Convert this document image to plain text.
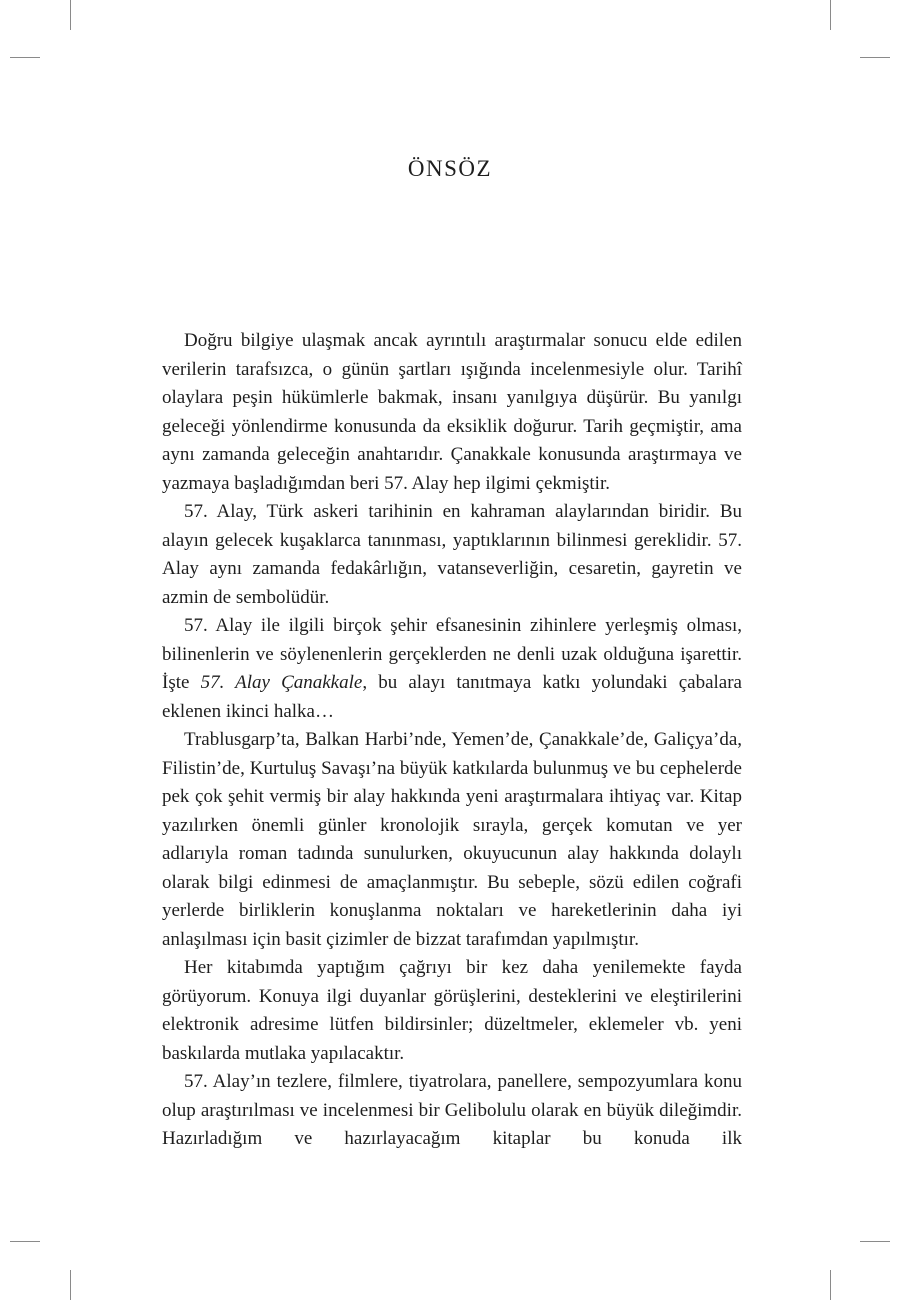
ÖNSÖZ

Doğru bilgiye ulaşmak ancak ayrıntılı araştırmalar sonucu elde edilen verilerin tarafsızca, o günün şartları ışığında incelenmesiyle olur. Tarihî olaylara peşin hükümlerle bakmak, insanı yanılgıya düşürür. Bu yanılgı geleceği yönlendirme konusunda da eksiklik doğurur. Tarih geçmiştir, ama aynı zamanda geleceğin anahtarıdır. Çanakkale konusunda araştırmaya ve yazmaya başladığımdan beri 57. Alay hep ilgimi çekmiştir.

57. Alay, Türk askeri tarihinin en kahraman alaylarından biridir. Bu alayın gelecek kuşaklarca tanınması, yaptıklarının bilinmesi gereklidir. 57. Alay aynı zamanda fedakârlığın, vatanseverliğin, cesaretin, gayretin ve azmin de sembolüdür.

57. Alay ile ilgili birçok şehir efsanesinin zihinlere yerleşmiş olması, bilinenlerin ve söylenenlerin gerçeklerden ne denli uzak olduğuna işarettir. İşte 57. Alay Çanakkale, bu alayı tanıtmaya katkı yolundaki çabalara eklenen ikinci halka…

Trablusgarp’ta, Balkan Harbi’nde, Yemen’de, Çanakkale’de, Galiçya’da, Filistin’de, Kurtuluş Savaşı’na büyük katkılarda bulunmuş ve bu cephelerde pek çok şehit vermiş bir alay hakkında yeni araştırmalara ihtiyaç var. Kitap yazılırken önemli günler kronolojik sırayla, gerçek komutan ve yer adlarıyla roman tadında sunulurken, okuyucunun alay hakkında dolaylı olarak bilgi edinmesi de amaçlanmıştır. Bu sebeple, sözü edilen coğrafi yerlerde birliklerin konuşlanma noktaları ve hareketlerinin daha iyi anlaşılması için basit çizimler de bizzat tarafımdan yapılmıştır.

Her kitabımda yaptığım çağrıyı bir kez daha yenilemekte fayda görüyorum. Konuya ilgi duyanlar görüşlerini, desteklerini ve eleştirilerini elektronik adresime lütfen bildirsinler; düzeltmeler, eklemeler vb. yeni baskılarda mutlaka yapılacaktır.

57. Alay’ın tezlere, filmlere, tiyatrolara, panellere, sempozyumlara konu olup araştırılması ve incelenmesi bir Gelibolulu olarak en büyük dileğimdir. Hazırladığım ve hazırlayacağım kitaplar bu konuda ilk
